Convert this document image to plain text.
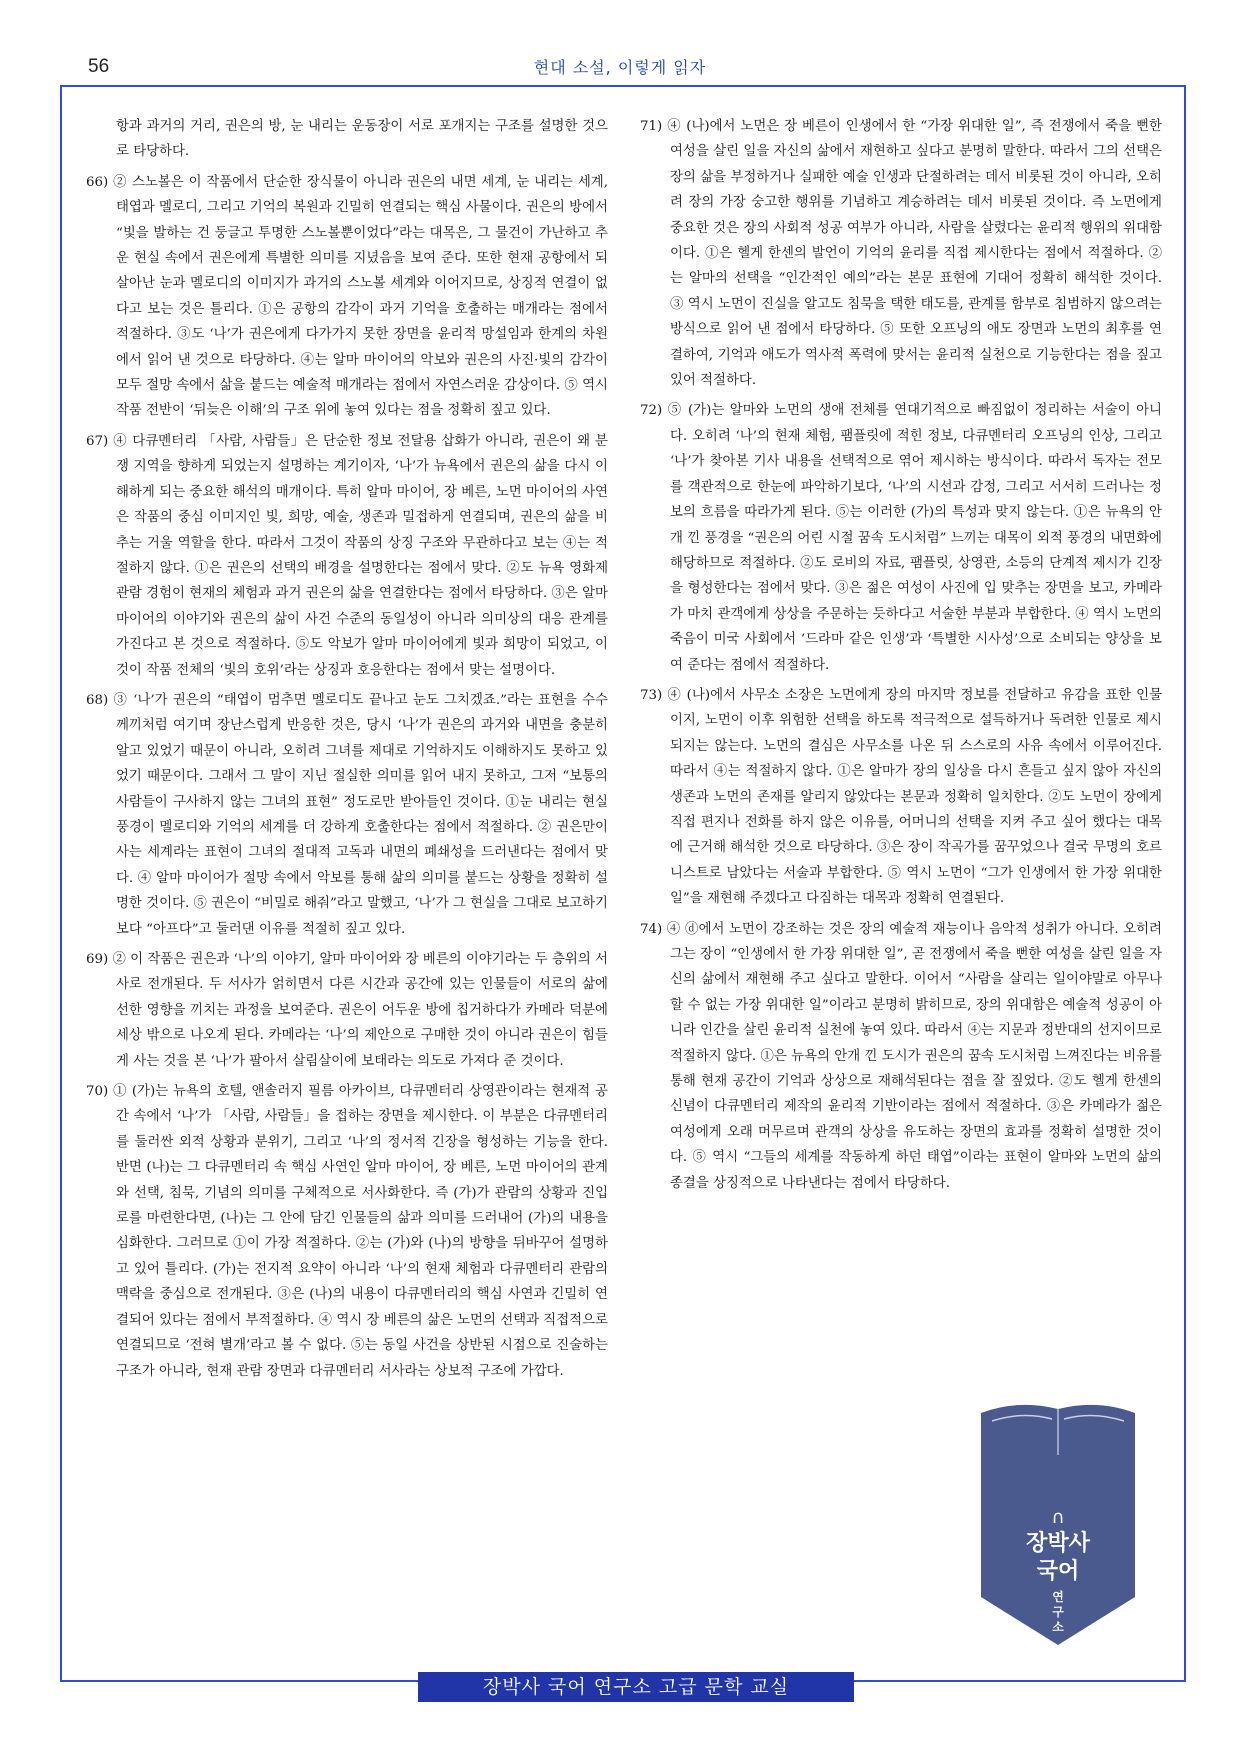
56	현대 소설, 이렇게 읽자

항과 과거의 거리, 권은의 방, 눈 내리는 운동장이 서로 포개지는 구조를 설명한 것으로 타당하다.

66) ② 스노볼은 이 작품에서 단순한 장식물이 아니라 권은의 내면 세계, 눈 내리는 세계, 태엽과 멜로디, 그리고 기억의 복원과 긴밀히 연결되는 핵심 사물이다. 권은의 방에서 “빛을 발하는 건 둥글고 투명한 스노볼뿐이었다”라는 대목은, 그 물건이 가난하고 추운 현실 속에서 권은에게 특별한 의미를 지녔음을 보여 준다. 또한 현재 공항에서 되살아난 눈과 멜로디의 이미지가 과거의 스노볼 세계와 이어지므로, 상징적 연결이 없다고 보는 것은 틀리다. ①은 공항의 감각이 과거 기억을 호출하는 매개라는 점에서 적절하다. ③도 ‘나’가 권은에게 다가가지 못한 장면을 윤리적 망설임과 한계의 차원에서 읽어 낸 것으로 타당하다. ④는 알마 마이어의 악보와 권은의 사진·빛의 감각이 모두 절망 속에서 삶을 붙드는 예술적 매개라는 점에서 자연스러운 감상이다. ⑤ 역시 작품 전반이 ‘뒤늦은 이해’의 구조 위에 놓여 있다는 점을 정확히 짚고 있다.

67) ④ 다큐멘터리 「사람, 사람들」은 단순한 정보 전달용 삽화가 아니라, 권은이 왜 분쟁 지역을 향하게 되었는지 설명하는 계기이자, ‘나’가 뉴욕에서 권은의 삶을 다시 이해하게 되는 중요한 해석의 매개이다. 특히 알마 마이어, 장 베른, 노먼 마이어의 사연은 작품의 중심 이미지인 빛, 희망, 예술, 생존과 밀접하게 연결되며, 권은의 삶을 비추는 거울 역할을 한다. 따라서 그것이 작품의 상징 구조와 무관하다고 보는 ④는 적절하지 않다. ①은 권은의 선택의 배경을 설명한다는 점에서 맞다. ②도 뉴욕 영화제 관람 경험이 현재의 체험과 과거 권은의 삶을 연결한다는 점에서 타당하다. ③은 알마 마이어의 이야기와 권은의 삶이 사건 수준의 동일성이 아니라 의미상의 대응 관계를 가진다고 본 것으로 적절하다. ⑤도 악보가 알마 마이어에게 빛과 희망이 되었고, 이것이 작품 전체의 ‘빛의 호위’라는 상징과 호응한다는 점에서 맞는 설명이다.

68) ③ ‘나’가 권은의 “태엽이 멈추면 멜로디도 끝나고 눈도 그치겠죠.”라는 표현을 수수께끼처럼 여기며 장난스럽게 반응한 것은, 당시 ‘나’가 권은의 과거와 내면을 충분히 알고 있었기 때문이 아니라, 오히려 그녀를 제대로 기억하지도 이해하지도 못하고 있었기 때문이다. 그래서 그 말이 지닌 절실한 의미를 읽어 내지 못하고, 그저 “보통의 사람들이 구사하지 않는 그녀의 표현” 정도로만 받아들인 것이다. ①눈 내리는 현실 풍경이 멜로디와 기억의 세계를 더 강하게 호출한다는 점에서 적절하다. ② 권은만이 사는 세계라는 표현이 그녀의 절대적 고독과 내면의 폐쇄성을 드러낸다는 점에서 맞다. ④ 알마 마이어가 절망 속에서 악보를 통해 삶의 의미를 붙드는 상황을 정확히 설명한 것이다. ⑤ 권은이 “비밀로 해줘”라고 말했고, ‘나’가 그 현실을 그대로 보고하기보다 “아프다”고 둘러댄 이유를 적절히 짚고 있다.

69) ② 이 작품은 권은과 ‘나’의 이야기, 알마 마이어와 장 베른의 이야기라는 두 층위의 서사로 전개된다. 두 서사가 얽히면서 다른 시간과 공간에 있는 인물들이 서로의 삶에 선한 영향을 끼치는 과정을 보여준다. 권은이 어두운 방에 칩거하다가 카메라 덕분에 세상 밖으로 나오게 된다. 카메라는 ‘나’의 제안으로 구매한 것이 아니라 권은이 힘들게 사는 것을 본 ‘나’가 팔아서 살림살이에 보태라는 의도로 가져다 준 것이다.

70) ① (가)는 뉴욕의 호텔, 앤솔러지 필름 아카이브, 다큐멘터리 상영관이라는 현재적 공간 속에서 ‘나’가 「사람, 사람들」을 접하는 장면을 제시한다. 이 부분은 다큐멘터리를 둘러싼 외적 상황과 분위기, 그리고 ‘나’의 정서적 긴장을 형성하는 기능을 한다. 반면 (나)는 그 다큐멘터리 속 핵심 사연인 알마 마이어, 장 베른, 노먼 마이어의 관계와 선택, 침묵, 기념의 의미를 구체적으로 서사화한다. 즉 (가)가 관람의 상황과 진입로를 마련한다면, (나)는 그 안에 담긴 인물들의 삶과 의미를 드러내어 (가)의 내용을 심화한다. 그러므로 ①이 가장 적절하다. ②는 (가)와 (나)의 방향을 뒤바꾸어 설명하고 있어 틀리다. (가)는 전지적 요약이 아니라 ‘나’의 현재 체험과 다큐멘터리 관람의 맥락을 중심으로 전개된다. ③은 (나)의 내용이 다큐멘터리의 핵심 사연과 긴밀히 연결되어 있다는 점에서 부적절하다. ④ 역시 장 베른의 삶은 노먼의 선택과 직접적으로 연결되므로 ‘전혀 별개’라고 볼 수 없다. ⑤는 동일 사건을 상반된 시점으로 진술하는 구조가 아니라, 현재 관람 장면과 다큐멘터리 서사라는 상보적 구조에 가깝다.

71) ④ (나)에서 노먼은 장 베른이 인생에서 한 “가장 위대한 일”, 즉 전쟁에서 죽을 뻔한 여성을 살린 일을 자신의 삶에서 재현하고 싶다고 분명히 말한다. 따라서 그의 선택은 장의 삶을 부정하거나 실패한 예술 인생과 단절하려는 데서 비롯된 것이 아니라, 오히려 장의 가장 숭고한 행위를 기념하고 계승하려는 데서 비롯된 것이다. 즉 노먼에게 중요한 것은 장의 사회적 성공 여부가 아니라, 사람을 살렸다는 윤리적 행위의 위대함이다. ①은 헬게 한센의 발언이 기억의 윤리를 직접 제시한다는 점에서 적절하다. ②는 알마의 선택을 “인간적인 예의”라는 본문 표현에 기대어 정확히 해석한 것이다. ③ 역시 노먼이 진실을 알고도 침묵을 택한 태도를, 관계를 함부로 침범하지 않으려는 방식으로 읽어 낸 점에서 타당하다. ⑤ 또한 오프닝의 애도 장면과 노먼의 최후를 연결하여, 기억과 애도가 역사적 폭력에 맞서는 윤리적 실천으로 기능한다는 점을 짚고 있어 적절하다.

72) ⑤ (가)는 알마와 노먼의 생애 전체를 연대기적으로 빠짐없이 정리하는 서술이 아니다. 오히려 ‘나’의 현재 체험, 팸플릿에 적힌 정보, 다큐멘터리 오프닝의 인상, 그리고 ‘나’가 찾아본 기사 내용을 선택적으로 엮어 제시하는 방식이다. 따라서 독자는 전모를 객관적으로 한눈에 파악하기보다, ‘나’의 시선과 감정, 그리고 서서히 드러나는 정보의 흐름을 따라가게 된다. ⑤는 이러한 (가)의 특성과 맞지 않는다. ①은 뉴욕의 안개 낀 풍경을 “권은의 어린 시절 꿈속 도시처럼” 느끼는 대목이 외적 풍경의 내면화에 해당하므로 적절하다. ②도 로비의 자료, 팸플릿, 상영관, 소등의 단계적 제시가 긴장을 형성한다는 점에서 맞다. ③은 젊은 여성이 사진에 입 맞추는 장면을 보고, 카메라가 마치 관객에게 상상을 주문하는 듯하다고 서술한 부분과 부합한다. ④ 역시 노먼의 죽음이 미국 사회에서 ‘드라마 같은 인생’과 ‘특별한 시사성’으로 소비되는 양상을 보여 준다는 점에서 적절하다.

73) ④ (나)에서 사무소 소장은 노먼에게 장의 마지막 정보를 전달하고 유감을 표한 인물이지, 노먼이 이후 위험한 선택을 하도록 적극적으로 설득하거나 독려한 인물로 제시되지는 않는다. 노먼의 결심은 사무소를 나온 뒤 스스로의 사유 속에서 이루어진다. 따라서 ④는 적절하지 않다. ①은 알마가 장의 일상을 다시 흔들고 싶지 않아 자신의 생존과 노먼의 존재를 알리지 않았다는 본문과 정확히 일치한다. ②도 노먼이 장에게 직접 편지나 전화를 하지 않은 이유를, 어머니의 선택을 지켜 주고 싶어 했다는 대목에 근거해 해석한 것으로 타당하다. ③은 장이 작곡가를 꿈꾸었으나 결국 무명의 호르니스트로 남았다는 서술과 부합한다. ⑤ 역시 노먼이 “그가 인생에서 한 가장 위대한 일”을 재현해 주겠다고 다짐하는 대목과 정확히 연결된다.

74) ④ ⓓ에서 노먼이 강조하는 것은 장의 예술적 재능이나 음악적 성취가 아니다. 오히려 그는 장이 “인생에서 한 가장 위대한 일”, 곧 전쟁에서 죽을 뻔한 여성을 살린 일을 자신의 삶에서 재현해 주고 싶다고 말한다. 이어서 “사람을 살리는 일이야말로 아무나 할 수 없는 가장 위대한 일”이라고 분명히 밝히므로, 장의 위대함은 예술적 성공이 아니라 인간을 살린 윤리적 실천에 놓여 있다. 따라서 ④는 지문과 정반대의 선지이므로 적절하지 않다. ①은 뉴욕의 안개 낀 도시가 권은의 꿈속 도시처럼 느껴진다는 비유를 통해 현재 공간이 기억과 상상으로 재해석된다는 점을 잘 짚었다. ②도 헬게 한센의 신념이 다큐멘터리 제작의 윤리적 기반이라는 점에서 적절하다. ③은 카메라가 젊은 여성에게 오래 머무르며 관객의 상상을 유도하는 장면의 효과를 정확히 설명한 것이다. ⑤ 역시 “그들의 세계를 작동하게 하던 태엽”이라는 표현이 알마와 노먼의 삶의 종결을 상징적으로 나타낸다는 점에서 타당하다.

∩
장박사
국어
연구소
장박사 국어 연구소 고급 문학 교실
